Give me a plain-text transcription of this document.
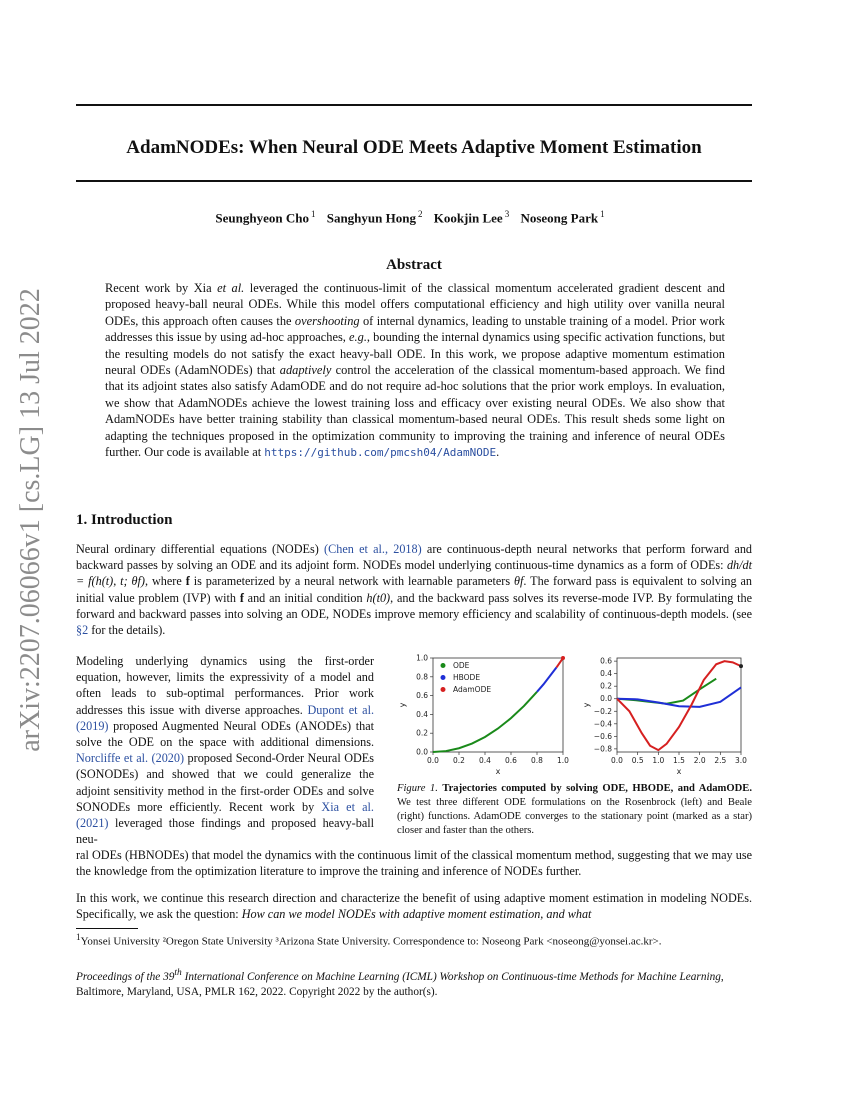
arXiv:2207.06066v1 [cs.LG] 13 Jul 2022
AdamNODEs: When Neural ODE Meets Adaptive Moment Estimation
Seunghyeon Cho $^1$ Sanghyun Hong $^2$ Kookjin Lee $^3$ Noseong Park $^1$
Abstract
Recent work by Xia et al. leveraged the continuous-limit of the classical momentum accelerated gradient descent and proposed heavy-ball neural ODEs. While this model offers computational efficiency and high utility over vanilla neural ODEs, this approach often causes the overshooting of internal dynamics, leading to unstable training of a model. Prior work addresses this issue by using ad-hoc approaches, e.g., bounding the internal dynamics using specific activation functions, but the resulting models do not satisfy the exact heavy-ball ODE. In this work, we propose adaptive momentum estimation neural ODEs (AdamNODEs) that adaptively control the acceleration of the classical momentum-based approach. We find that its adjoint states also satisfy AdamODE and do not require ad-hoc solutions that the prior work employs. In evaluation, we show that AdamNODEs achieve the lowest training loss and efficacy over existing neural ODEs. We also show that AdamNODEs have better training stability than classical momentum-based neural ODEs. This result sheds some light on adapting the techniques proposed in the optimization community to improving the training and inference of neural ODEs further. Our code is available at https://github.com/pmcsh04/AdamNODE.
1. Introduction
Neural ordinary differential equations (NODEs) (Chen et al., 2018) are continuous-depth neural networks that perform forward and backward passes by solving an ODE and its adjoint form. NODEs model underlying continuous-time dynamics as a form of ODEs: dh/dt = f(h(t), t; θf), where f is parameterized by a neural network with learnable parameters θf. The forward pass is equivalent to solving an initial value problem (IVP) with f and an initial condition h(t0), and the backward pass solves its reverse-mode IVP. By formulating the forward and backward passes into solving an ODE, NODEs improve memory efficiency and scalability of continuous-depth models. (see §2 for the details).
Modeling underlying dynamics using the first-order equation, however, limits the expressivity of a model and often leads to sub-optimal performances. Prior work addresses this issue with diverse approaches. Dupont et al. (2019) proposed Augmented Neural ODEs (ANODEs) that solve the ODE on the space with additional dimensions. Norcliffe et al. (2020) proposed Second-Order Neural ODEs (SONODEs) and showed that we could generalize the adjoint sensitivity method in the first-order ODEs and solve SONODEs more efficiently. Recent work by Xia et al. (2021) leveraged those findings and proposed heavy-ball neu-
ral ODEs (HBNODEs) that model the dynamics with the continuous limit of the classical momentum method, suggesting that we may use the knowledge from the optimization literature to improve the training and inference of NODEs further.
In this work, we continue this research direction and characterize the benefit of using adaptive moment estimation in modeling NODEs. Specifically, we ask the question: How can we model NODEs with adaptive moment estimation, and what
0.0 0.2 0.4 0.6 0.8 1.0
0.0
0.2
0.4
0.6
0.8
1.0
x
y
ODE
HBODE
AdamODE
0.0 0.5 1.0 1.5 2.0 2.5 3.0
0.6
0.4
0.2
0.0
−0.2
−0.4
−0.6
−0.8
x
y
Figure 1. Trajectories computed by solving ODE, HBODE, and AdamODE. We test three different ODE formulations on the Rosenbrock (left) and Beale (right) functions. AdamODE converges to the stationary point (marked as a star) closer and faster than the others.
$^1$Yonsei University ²Oregon State University ³Arizona State University. Correspondence to: Noseong Park <noseong@yonsei.ac.kr>.
Proceedings of the 39th International Conference on Machine Learning (ICML) Workshop on Continuous-time Methods for Machine Learning, Baltimore, Maryland, USA, PMLR 162, 2022. Copyright 2022 by the author(s).
